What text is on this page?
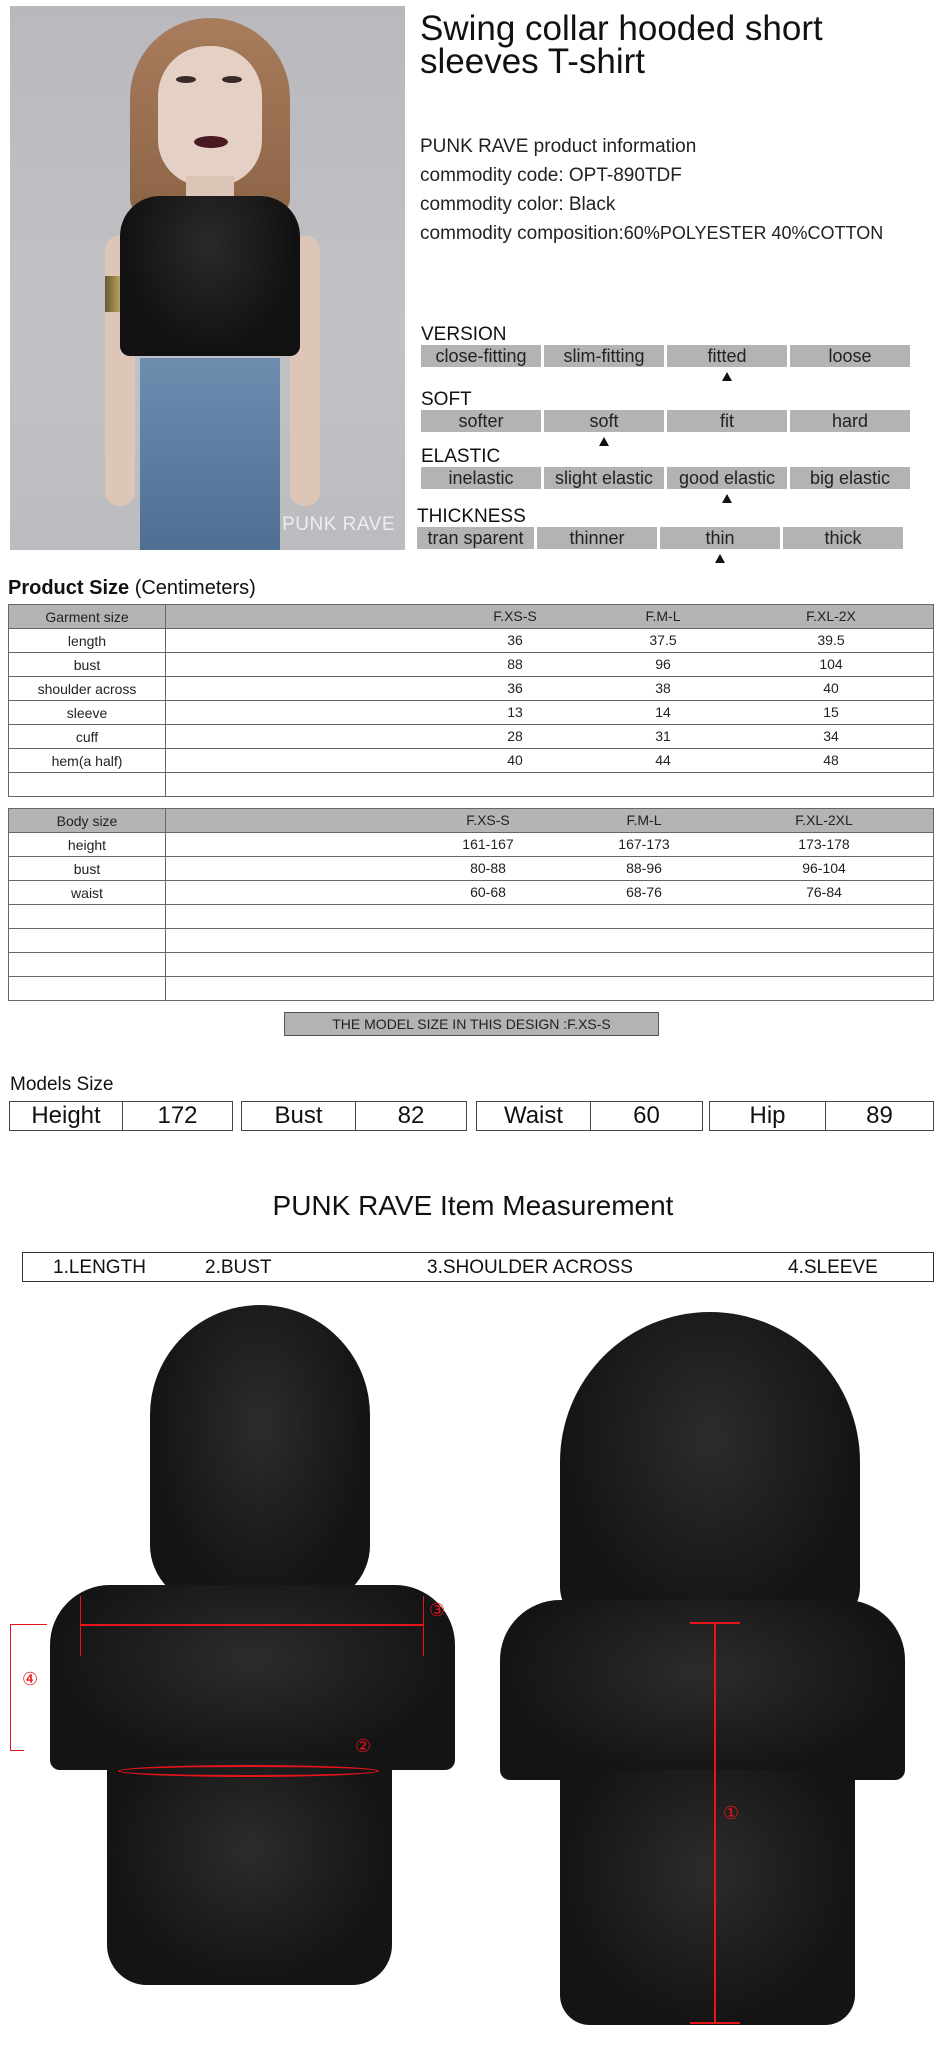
PUNK RAVE
Swing collar hooded short
sleeves T-shirt
PUNK RAVE product information
commodity code: OPT-890TDF
commodity color: Black
commodity composition:60%POLYESTER 40%COTTON
VERSION
close-fitting	slim-fitting	fitted	loose
SOFT
softer	soft	fit	hard
ELASTIC
inelastic	slight elastic	good elastic	big elastic
THICKNESS
tran sparent	thinner	thin	thick
Product Size (Centimeters)
Garment size	F.XS-S F.M-L F.XL-2X

length	36 37.5 39.5

bust	88 96 104

shoulder across	36 38 40

sleeve	13 14 15

cuff	28 31 34

hem(a half)	40 44 48

Body size	F.XS-S F.M-L F.XL-2XL

height	161-167 167-173 173-178

bust	80-88 88-96 96-104

waist	60-68 68-76 76-84

THE MODEL SIZE IN THIS DESIGN :F.XS-S
Models Size
Height	172	Bust	82	Waist	60	Hip	89
PUNK RAVE Item Measurement
1.LENGTH	2.BUST	3.SHOULDER ACROSS	4.SLEEVE
③
④
②
①
